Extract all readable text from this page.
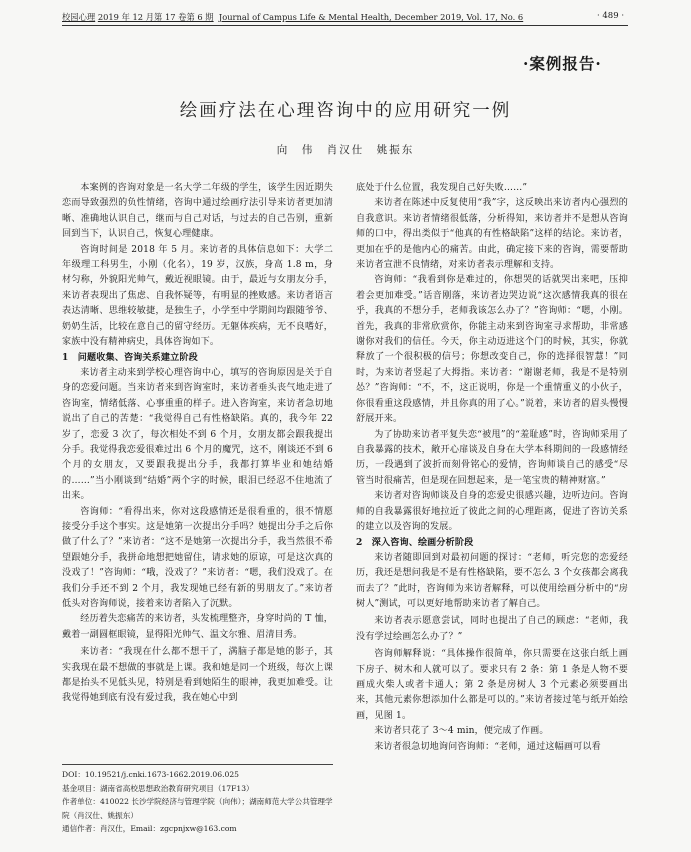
校园心理 2019 年 12 月第 17 卷第 6 期 Journal of Campus Life & Mental Health, December 2019, Vol. 17, No. 6	· 489 ·
·案例报告·
绘画疗法在心理咨询中的应用研究一例
向　伟　肖汉仕　姚振东

本案例的咨询对象是一名大学二年级的学生，该学生因近期失恋而导致强烈的负性情绪，咨询中通过绘画疗法引导来访者更加清晰、准确地认识自己，继而与自己对话，与过去的自己告别，重新回到当下，认识自己，恢复心理健康。

咨询时间是 2018 年 5 月。来访者的具体信息如下：大学二年级理工科男生，小刚（化名），19 岁，汉族，身高 1.8 m，身材匀称，外貌阳光帅气，戴近视眼镜。由于，最近与女朋友分手，来访者表现出了焦虑、自我怀疑等，有明显的挫败感。来访者语言表达清晰、思维较敏捷，是独生子，小学至中学期间均跟随爷爷、奶奶生活，比较在意自己的留守经历。无躯体疾病，无不良嗜好，家族中没有精神病史，具体咨询如下。

1　问题收集、咨询关系建立阶段

来访者主动来到学校心理咨询中心，填写的咨询原因是关于自身的恋爱问题。当来访者来到咨询室时，来访者垂头丧气地走进了咨询室，情绪低落、心事重重的样子。进入咨询室，来访者急切地说出了自己的苦楚：“我觉得自己有性格缺陷。真的，我今年 22 岁了，恋爱 3 次了，每次相处不到 6 个月，女朋友都会跟我提出分手。我觉得我恋爱很难过出 6 个月的魔咒，这不，刚谈还不到 6 个月的女朋友，又要跟我提出分手，我都打算毕业和她结婚的……”当小刚谈到“结婚”两个字的时候，眼泪已经忍不住地流了出来。

咨询师：“看得出来，你对这段感情还是很看重的，很不情愿接受分手这个事实。这是她第一次提出分手吗？她提出分手之后你做了什么了？”来访者：“这不是她第一次提出分手，我当然很不希望跟她分手，我拼命地想把她留住，请求她的原谅，可是这次真的没戏了！”咨询师：“哦，没戏了？”来访者：“嗯，我们没戏了。在我们分手还不到 2 个月，我发现她已经有新的男朋友了。”来访者低头对咨询师说，接着来访者陷入了沉默。

经历着失恋痛苦的来访者，头发梳理整齐，身穿时尚的 T 恤，戴着一副圆框眼镜，显得阳光帅气、温文尔雅、眉清目秀。

来访者：“我现在什么都不想干了，满脑子都是她的影子，其实我现在最不想做的事就是上课。我和她是同一个班级，每次上课都是抬头不见低头见，特别是看到她陌生的眼神，我更加难受。让我觉得她到底有没有爱过我，我在她心中到

底处于什么位置，我发现自己好失败……”

来访者在陈述中反复使用“我”字，这反映出来访者内心强烈的自我意识。来访者情绪很低落，分析得知，来访者并不是想从咨询师的口中，得出类似于“他真的有性格缺陷”这样的结论。来访者，更加在乎的是他内心的痛苦。由此，确定接下来的咨询，需要帮助来访者宣泄不良情绪，对来访者表示理解和支持。

咨询师：“我看到你是难过的，你想哭的话就哭出来吧，压抑着会更加难受。”话音刚落，来访者边哭边说“这次感情我真的很在乎，我真的不想分手，老师我该怎么办了？”咨询师：“嗯，小刚。首先，我真的非常欣赏你，你能主动来到咨询室寻求帮助，非常感谢你对我们的信任。今天，你主动迈进这个门的时候，其实，你就释放了一个很积极的信号；你想改变自己，你的选择很智慧！”同时，为来访者竖起了大拇指。来访者：“谢谢老师，我是不是特别怂？”咨询师：“不，不，这正说明，你是一个重情重义的小伙子，你很看重这段感情，并且你真的用了心。”说着，来访者的眉头慢慢舒展开来。

为了协助来访者平复失恋“被甩”的“羞耻感”时，咨询师采用了自我暴露的技术，敞开心扉谈及自身在大学本科期间的一段感情经历，一段遇到了波折而刻骨铭心的爱情，咨询师谈自己的感受“尽管当时很痛苦，但是现在回想起来，是一笔宝贵的精神财富。”

来访者对咨询师谈及自身的恋爱史很感兴趣，边听边问。咨询师的自我暴露很好地拉近了彼此之间的心理距离，促进了咨访关系的建立以及咨询的发展。

2　深入咨询、绘画分析阶段

来访者随即回到对最初问题的探讨：“老师，听完您的恋爱经历，我还是想问我是不是有性格缺陷，要不怎么 3 个女孩都会离我而去了？”此时，咨询师为来访者解释，可以使用绘画分析中的“房树人”测试，可以更好地帮助来访者了解自己。

来访者表示愿意尝试，同时也提出了自己的顾虑：“老师，我没有学过绘画怎么办了？”

咨询师解释说：“具体操作很简单，你只需要在这张白纸上画下房子、树木和人就可以了。要求只有 2 条：第 1 条是人物不要画成火柴人或者卡通人；第 2 条是房树人 3 个元素必须要画出来，其他元素你想添加什么都是可以的。”来访者接过笔与纸开始绘画，见图 1。

来访者只花了 3～4 min，便完成了作画。

来访者很急切地询问咨询师：“老师，通过这幅画可以看

DOI：10.19521/j.cnki.1673-1662.2019.06.025
基金项目：湖南省高校思想政治教育研究项目（17F13）
作者单位：410022 长沙学院经济与管理学院（向伟）；湖南师范大学公共管理学院（肖汉仕、姚振东）
通信作者：肖汉仕，Email：zgcpnjxw@163.com
